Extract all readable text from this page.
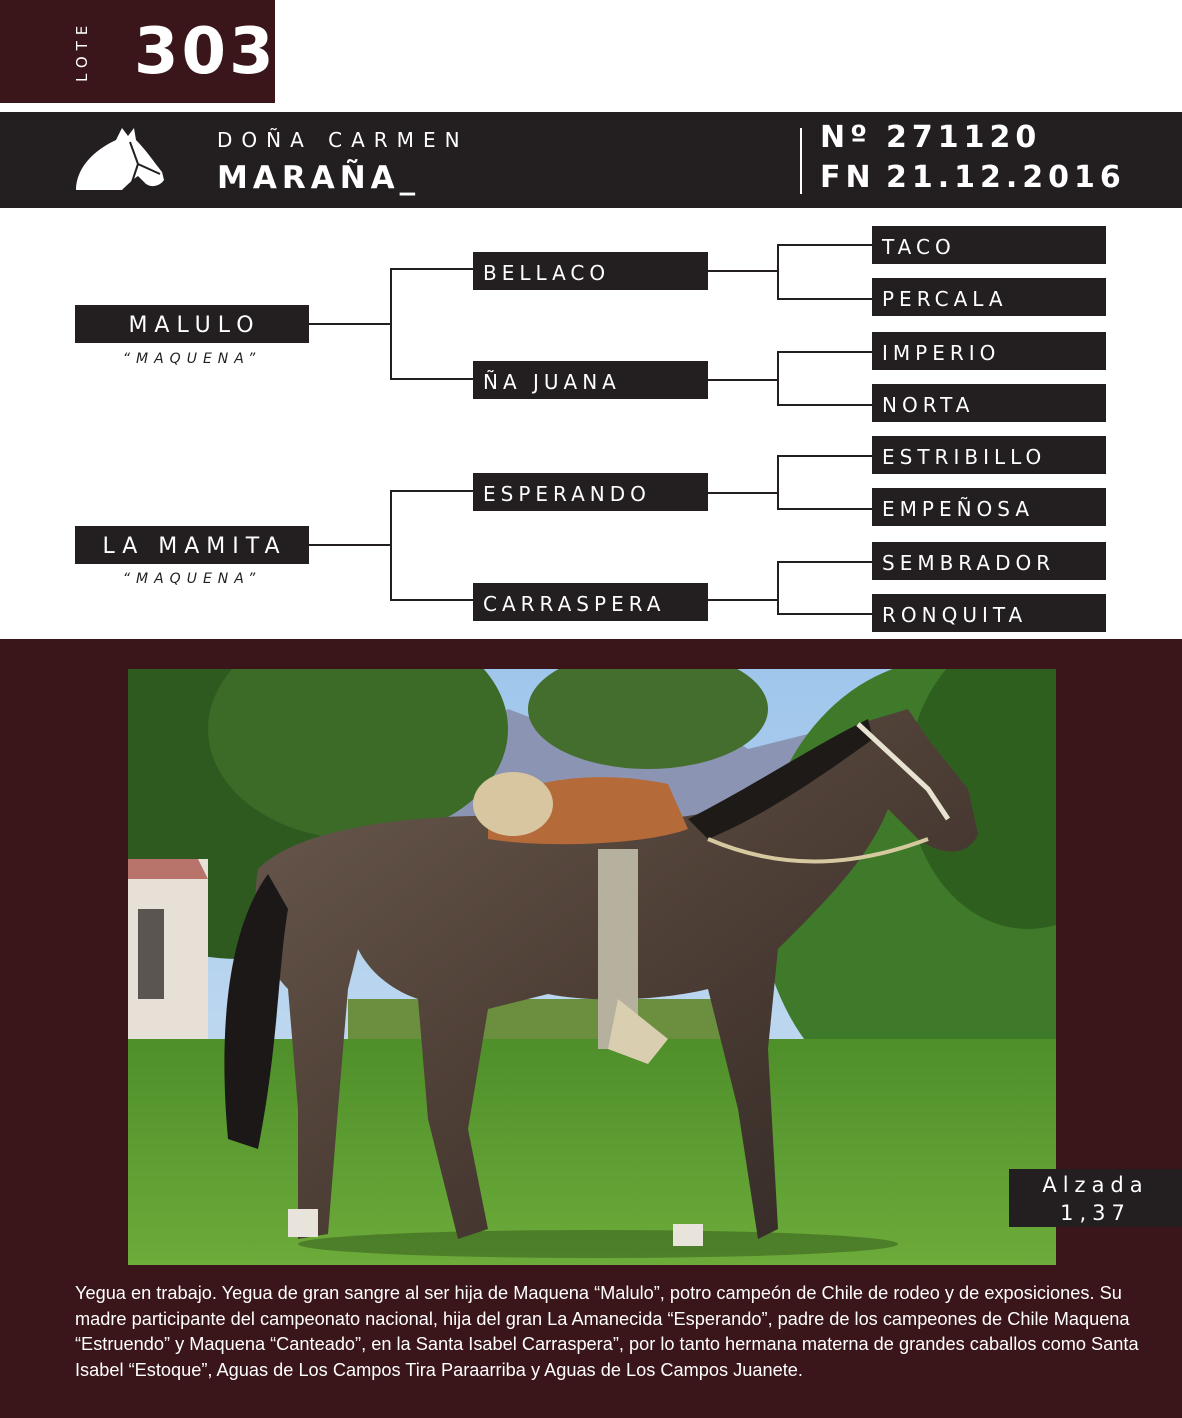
LOTE 303
DOÑA CARMEN
MARAÑA_
Nº 271120
FN 21.12.2016
MALULO
“MAQUENA”
LA MAMITA
“MAQUENA”
BELLACO
ÑA JUANA
ESPERANDO
CARRASPERA
TACO
PERCALA
IMPERIO
NORTA
ESTRIBILLO
EMPEÑOSA
SEMBRADOR
RONQUITA
Alzada
1,37
Yegua en trabajo. Yegua de gran sangre al ser hija de Maquena “Malulo”, potro campeón de Chile de rodeo y de exposiciones. Su madre participante del campeonato nacional, hija del gran La Amanecida “Esperando”, padre de los campeones de Chile Maquena “Estruendo” y Maquena “Canteado”, en la Santa Isabel Carraspera”, por lo tanto hermana materna de grandes caballos como Santa Isabel “Estoque”, Aguas de Los Campos Tira Paraarriba y Aguas de Los Campos Juanete.
